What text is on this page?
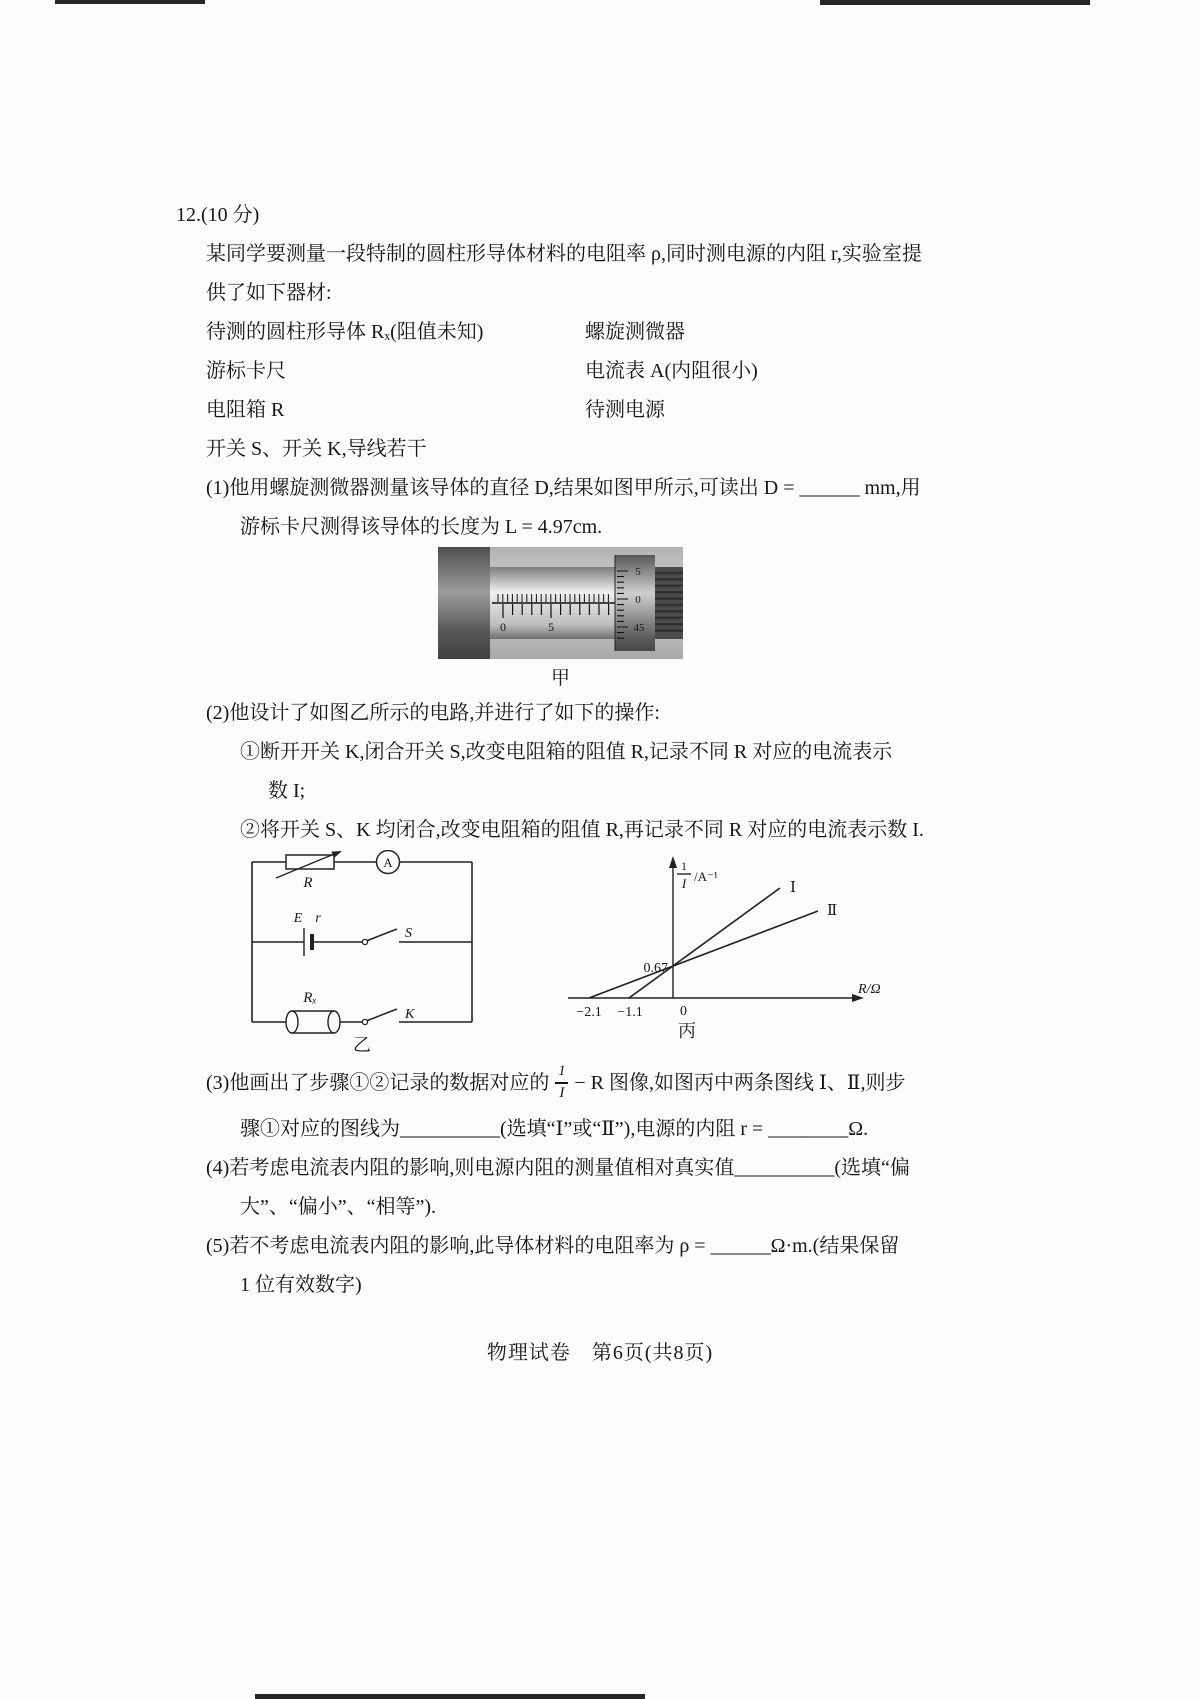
12.(10 分)
某同学要测量一段特制的圆柱形导体材料的电阻率 ρ,同时测电源的内阻 r,实验室提
供了如下器材:
待测的圆柱形导体 Rₓ(阻值未知)	螺旋测微器
游标卡尺	电流表 A(内阻很小)
电阻箱 R	待测电源
开关 S、开关 K,导线若干
(1)他用螺旋测微器测量该导体的直径 D,结果如图甲所示,可读出 D = ______ mm,用
游标卡尺测得该导体的长度为 L = 4.97cm.
0	5
5
0
45
甲
(2)他设计了如图乙所示的电路,并进行了如下的操作:
①断开开关 K,闭合开关 S,改变电阻箱的阻值 R,记录不同 R 对应的电流表示
数 I;
②将开关 S、K 均闭合,改变电阻箱的阻值 R,再记录不同 R 对应的电流表示数 I.
R
A
E r
S
Rₓ
K
乙
Ⅰ
Ⅱ
0.67
−2.1 −1.1	0
1
I /A⁻¹
R/Ω
丙
(3)他画出了步骤①②记录的数据对应的 $\frac{1}{I} - R$ 图像,如图丙中两条图线 Ⅰ、Ⅱ,则步
骤①对应的图线为__________(选填“Ⅰ”或“Ⅱ”),电源的内阻 r = ________Ω.
(4)若考虑电流表内阻的影响,则电源内阻的测量值相对真实值__________(选填“偏
大”、“偏小”、“相等”).
(5)若不考虑电流表内阻的影响,此导体材料的电阻率为 ρ = ______Ω·m.(结果保留
1 位有效数字)
物理试卷　第6页(共8页)
